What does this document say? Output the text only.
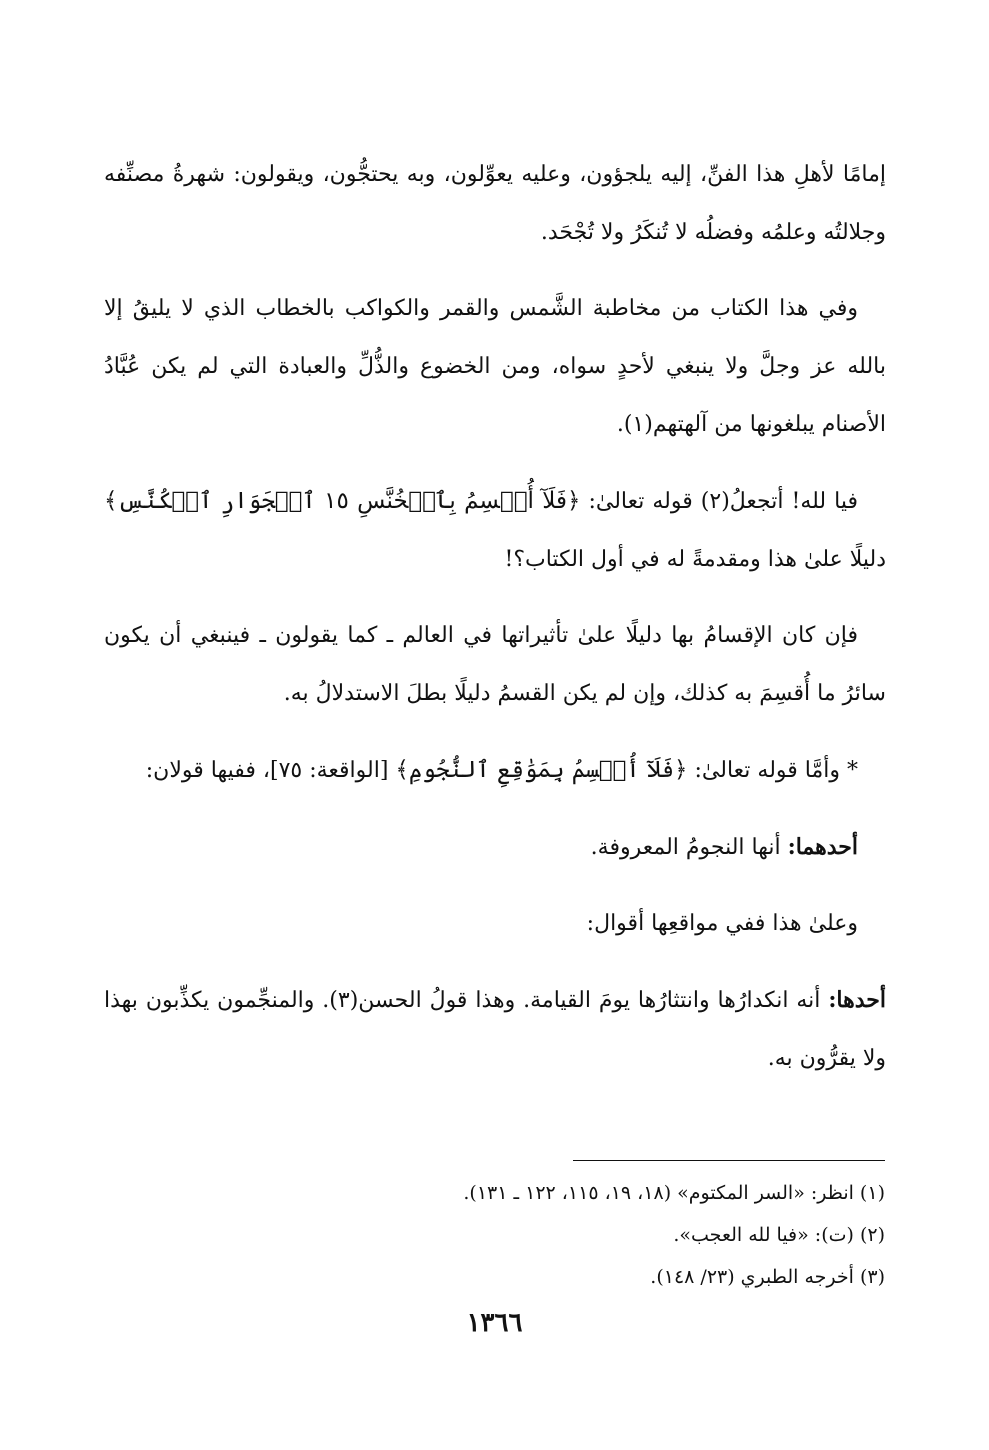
إمامًا لأهلِ هذا الفنِّ، إليه يلجؤون، وعليه يعوِّلون، وبه يحتجُّون، ويقولون: شهرةُ مصنِّفه وجلالتُه وعلمُه وفضلُه لا تُنكَرُ ولا تُجْحَد.

وفي هذا الكتاب من مخاطبة الشَّمس والقمر والكواكب بالخطاب الذي لا يليقُ إلا بالله عز وجلَّ ولا ينبغي لأحدٍ سواه، ومن الخضوع والذُّلِّ والعبادة التي لم يكن عُبَّادُ الأصنام يبلغونها من آلهتهم(١).

فيا لله! أتجعلُ(٢) قوله تعالىٰ: ﴿فَلَآ أُقۡسِمُ بِٱلۡخُنَّسِ ١٥ ٱلۡجَوَارِ ٱلۡكُنَّسِ﴾ دليلًا علىٰ هذا ومقدمةً له في أول الكتاب؟!

فإن كان الإقسامُ بها دليلًا علىٰ تأثيراتها في العالم ـ كما يقولون ـ فينبغي أن يكون سائرُ ما أُقسِمَ به كذلك، وإن لم يكن القسمُ دليلًا بطلَ الاستدلالُ به.

* وأمَّا قوله تعالىٰ: ﴿فَلَآ أُقۡسِمُ بِمَوَٰقِعِ ٱلنُّجُومِ﴾ [الواقعة: ٧٥]، ففيها قولان:

أحدهما: أنها النجومُ المعروفة.

وعلىٰ هذا ففي مواقعِها أقوال:

أحدها: أنه انكدارُها وانتثارُها يومَ القيامة. وهذا قولُ الحسن(٣). والمنجِّمون يكذِّبون بهذا ولا يقرُّون به.

(١) انظر: «السر المكتوم» (١٨، ١٩، ١١٥، ١٢٢ ـ ١٣١).

(٢) (ت): «فيا لله العجب».

(٣) أخرجه الطبري (٢٣/ ١٤٨).

١٣٦٦
